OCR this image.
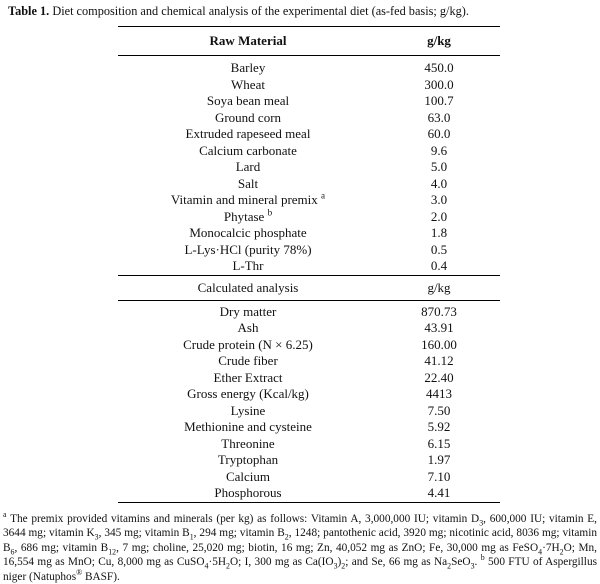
Table 1. Diet composition and chemical analysis of the experimental diet (as-fed basis; g/kg).
Raw Material	g/kg
Barley	450.0
Wheat	300.0
Soya bean meal	100.7
Ground corn	63.0
Extruded rapeseed meal	60.0
Calcium carbonate	9.6
Lard	5.0
Salt	4.0
Vitamin and mineral premix $^a$	3.0
Phytase $^b$	2.0
Monocalcic phosphate	1.8
L-Lys·HCl (purity 78%)	0.5
L-Thr	0.4
Calculated analysis	g/kg
Dry matter	870.73
Ash	43.91
Crude protein (N × 6.25)	160.00
Crude fiber	41.12
Ether Extract	22.40
Gross energy (Kcal/kg)	4413
Lysine	7.50
Methionine and cysteine	5.92
Threonine	6.15
Tryptophan	1.97
Calcium	7.10
Phosphorous	4.41
$^a$ The premix provided vitamins and minerals (per kg) as follows: Vitamin A, 3,000,000 IU; vitamin $D_3$, 600,000 IU; vitamin E, 3644 mg; vitamin $K_3$, 345 mg; vitamin $B_1$, 294 mg; vitamin $B_2$, 1248; pantothenic acid, 3920 mg; nicotinic acid, 8036 mg; vitamin $B_6$, 686 mg; vitamin $B_{12}$, 7 mg; choline, 25,020 mg; biotin, 16 mg; Zn, 40,052 mg as ZnO; Fe, 30,000 mg as $FeSO_4\cdot 7H_2O$; Mn, 16,554 mg as MnO; Cu, 8,000 mg as $CuSO_4\cdot 5H_2O$; I, 300 mg as $Ca(IO_3)_2$; and Se, 66 mg as $Na_2SeO_3$. $^b$ 500 FTU of Aspergillus niger (Natuphos® BASF).
